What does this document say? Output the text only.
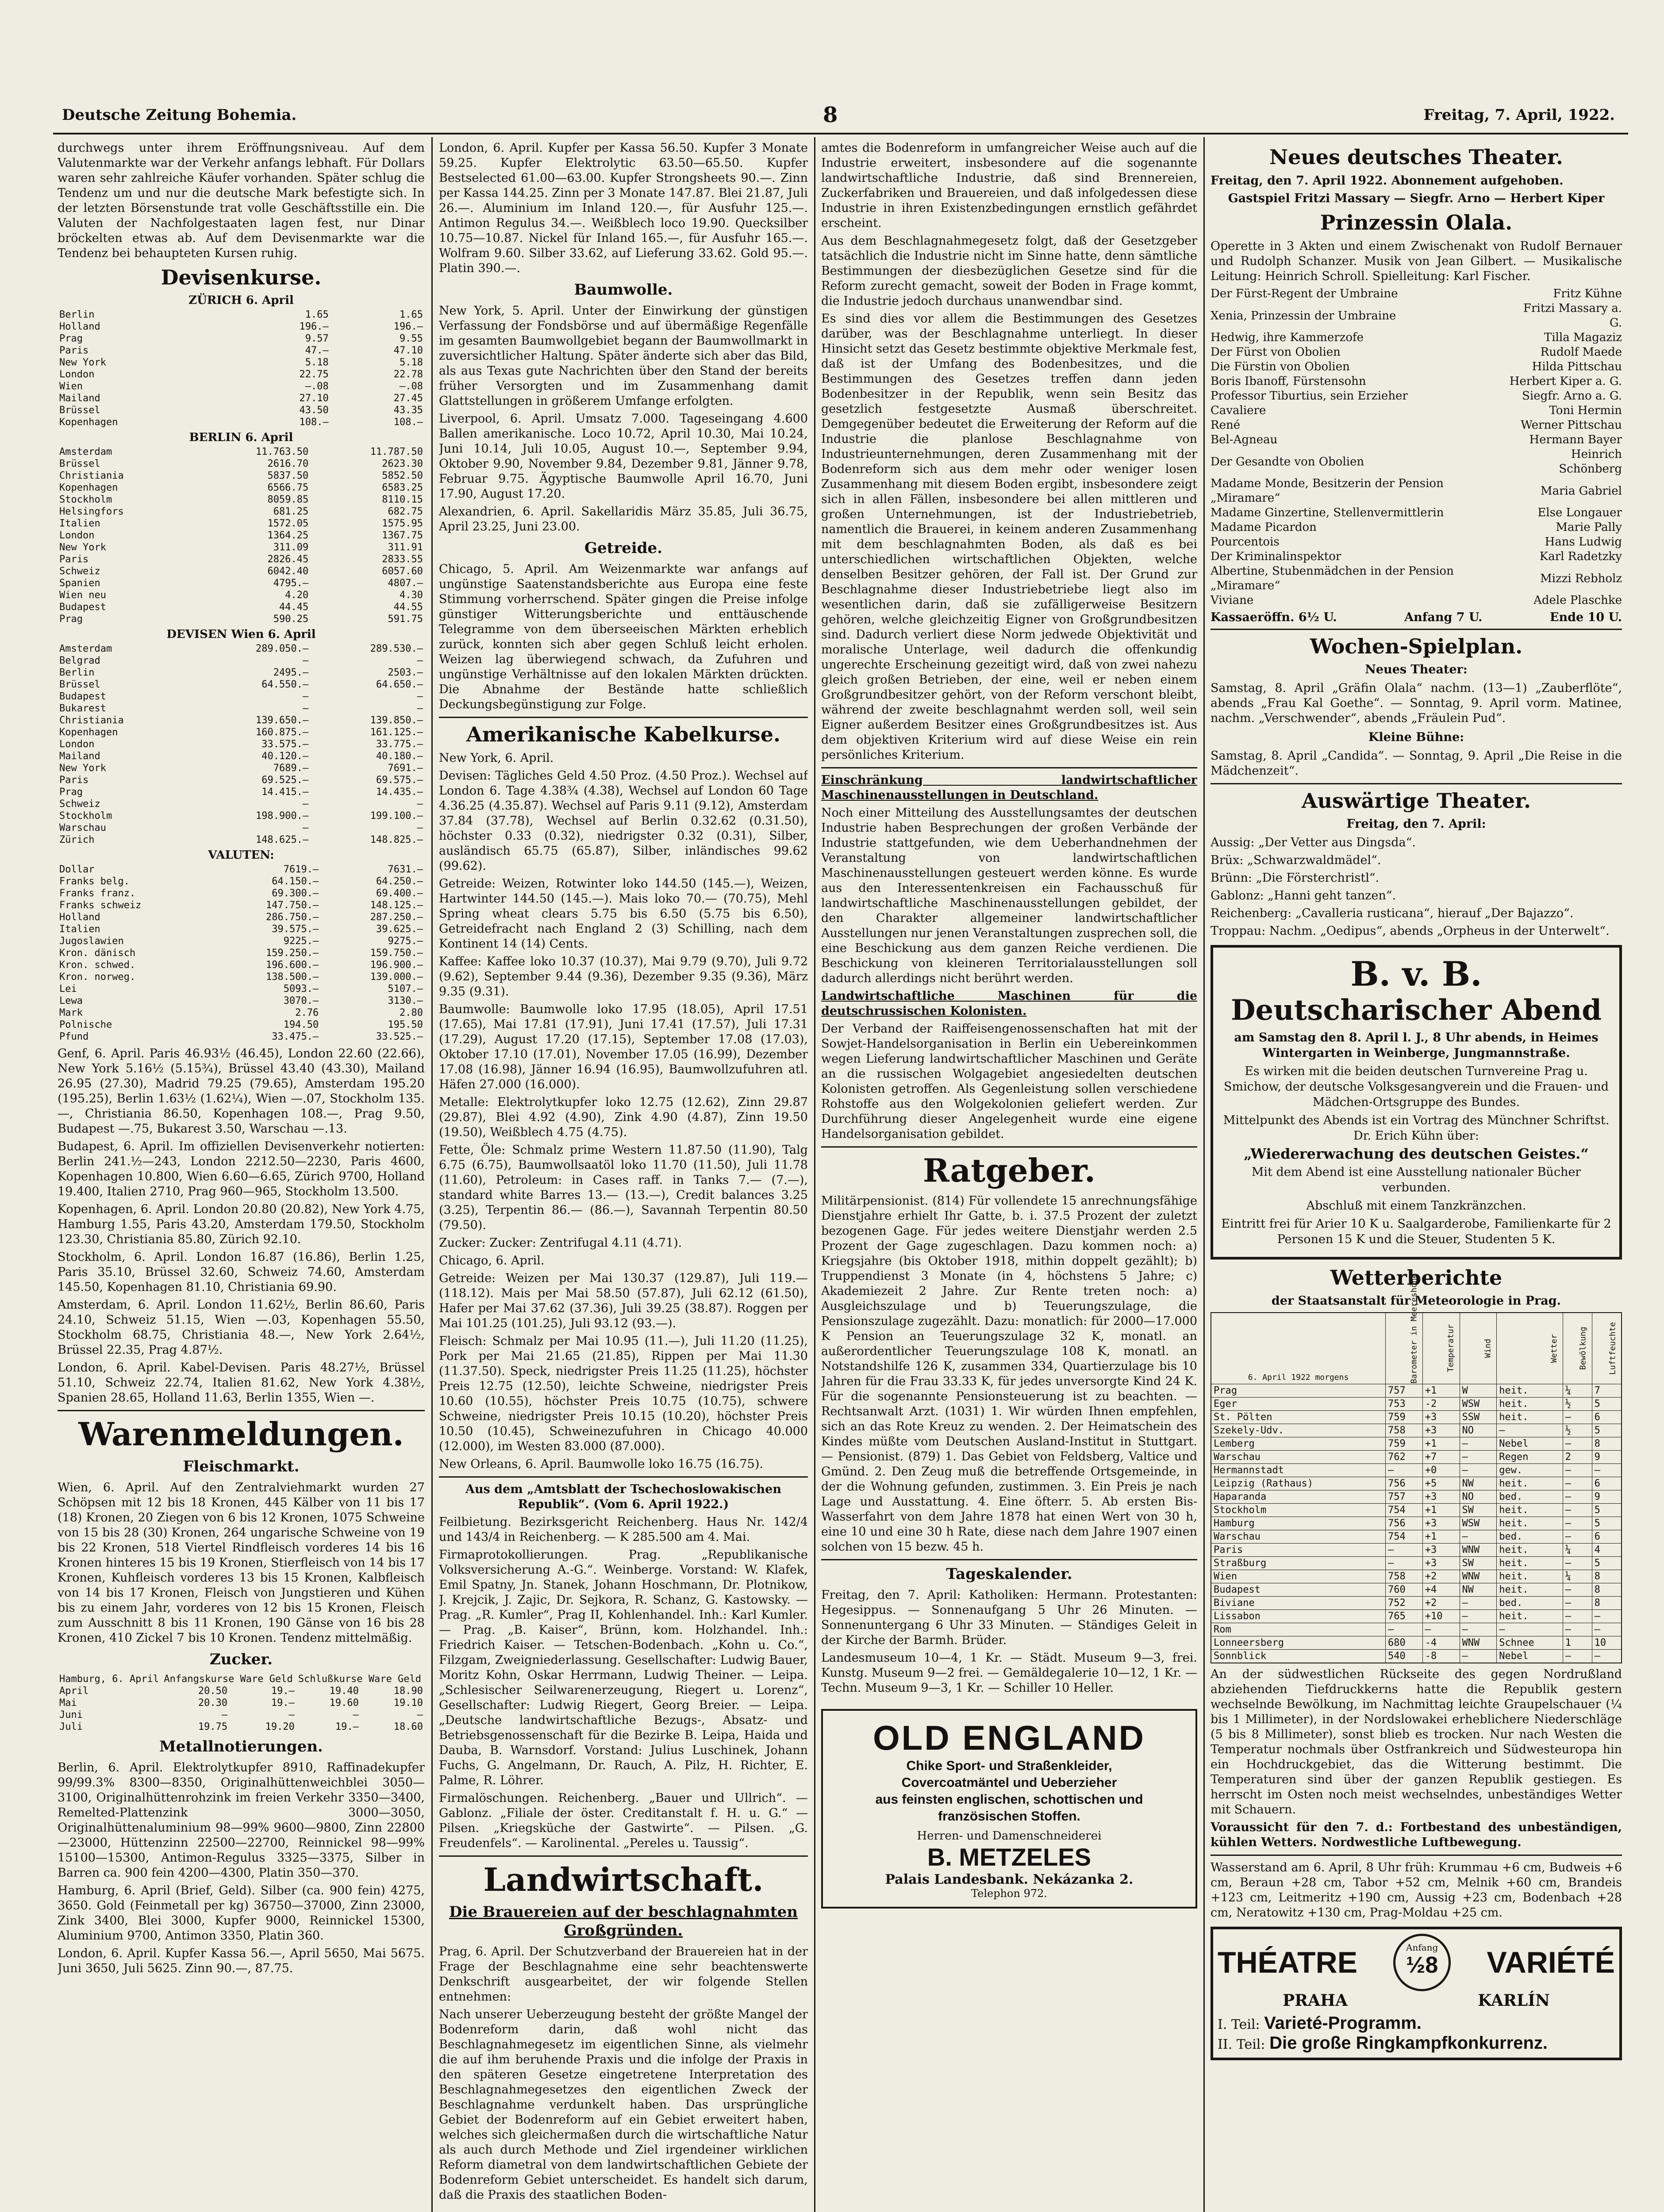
Deutsche Zeitung Bohemia.	8	Freitag, 7. April, 1922.

durchwegs unter ihrem Eröffnungsniveau. Auf dem Valutenmarkte war der Verkehr anfangs lebhaft. Für Dollars waren sehr zahlreiche Käufer vorhanden. Später schlug die Tendenz um und nur die deutsche Mark befestigte sich. In der letzten Börsenstunde trat volle Geschäftsstille ein. Die Valuten der Nachfolgestaaten lagen fest, nur Dinar bröckelten etwas ab. Auf dem Devisenmarkte war die Tendenz bei behaupteten Kursen ruhig.

Devisenkurse.
ZÜRICH 6. April
Berlin	1.65	1.65
Holland	196.—	196.—
Prag	9.57	9.55
Paris	47.—	47.10
New York	5.18	5.18
London	22.75	22.78
Wien	—.08	—.08
Mailand	27.10	27.45
Brüssel	43.50	43.35
Kopenhagen	108.—	108.—
BERLIN 6. April
Amsterdam	11.763.50	11.787.50
Brüssel	2616.70	2623.30
Christiania	5837.50	5852.50
Kopenhagen	6566.75	6583.25
Stockholm	8059.85	8110.15
Helsingfors	681.25	682.75
Italien	1572.05	1575.95
London	1364.25	1367.75
New York	311.09	311.91
Paris	2826.45	2833.55
Schweiz	6042.40	6057.60
Spanien	4795.—	4807.—
Wien neu	4.20	4.30
Budapest	44.45	44.55
Prag	590.25	591.75
DEVISEN Wien 6. April
Amsterdam	289.050.—	289.530.—
Belgrad	—	—
Berlin	2495.—	2503.—
Brüssel	64.550.—	64.650.—
Budapest	—	—
Bukarest	—	—
Christiania	139.650.—	139.850.—
Kopenhagen	160.875.—	161.125.—
London	33.575.—	33.775.—
Mailand	40.120.—	40.180.—
New York	7689.—	7691.—
Paris	69.525.—	69.575.—
Prag	14.415.—	14.435.—
Schweiz	—	—
Stockholm	198.900.—	199.100.—
Warschau	—	—
Zürich	148.625.—	148.825.—
VALUTEN:
Dollar	7619.—	7631.—
Franks belg.	64.150.—	64.250.—
Franks franz.	69.300.—	69.400.—
Franks schweiz	147.750.—	148.125.—
Holland	286.750.—	287.250.—
Italien	39.575.—	39.625.—
Jugoslawien	9225.—	9275.—
Kron. dänisch	159.250.—	159.750.—
Kron. schwed.	196.600.—	196.900.—
Kron. norweg.	138.500.—	139.000.—
Lei	5093.—	5107.—
Lewa	3070.—	3130.—
Mark	2.76	2.80
Polnische	194.50	195.50
Pfund	33.475.—	33.525.—

Genf, 6. April. Paris 46.93½ (46.45), London 22.60 (22.66), New York 5.16½ (5.15¾), Brüssel 43.40 (43.30), Mailand 26.95 (27.30), Madrid 79.25 (79.65), Amsterdam 195.20 (195.25), Berlin 1.63½ (1.62¼), Wien —.07, Stockholm 135.—, Christiania 86.50, Kopenhagen 108.—, Prag 9.50, Budapest —.75, Bukarest 3.50, Warschau —.13.

Budapest, 6. April. Im offiziellen Devisenverkehr notierten: Berlin 241.½—243, London 2212.50—2230, Paris 4600, Kopenhagen 10.800, Wien 6.60—6.65, Zürich 9700, Holland 19.400, Italien 2710, Prag 960—965, Stockholm 13.500.

Kopenhagen, 6. April. London 20.80 (20.82), New York 4.75, Hamburg 1.55, Paris 43.20, Amsterdam 179.50, Stockholm 123.30, Christiania 85.80, Zürich 92.10.

Stockholm, 6. April. London 16.87 (16.86), Berlin 1.25, Paris 35.10, Brüssel 32.60, Schweiz 74.60, Amsterdam 145.50, Kopenhagen 81.10, Christiania 69.90.

Amsterdam, 6. April. London 11.62½, Berlin 86.60, Paris 24.10, Schweiz 51.15, Wien —.03, Kopenhagen 55.50, Stockholm 68.75, Christiania 48.—, New York 2.64½, Brüssel 22.35, Prag 4.87½.

London, 6. April. Kabel-Devisen. Paris 48.27½, Brüssel 51.10, Schweiz 22.74, Italien 81.62, New York 4.38½, Spanien 28.65, Holland 11.63, Berlin 1355, Wien —.

Warenmeldungen.
Fleischmarkt.

Wien, 6. April. Auf den Zentralviehmarkt wurden 27 Schöpsen mit 12 bis 18 Kronen, 445 Kälber von 11 bis 17 (18) Kronen, 20 Ziegen von 6 bis 12 Kronen, 1075 Schweine von 15 bis 28 (30) Kronen, 264 ungarische Schweine von 19 bis 22 Kronen, 518 Viertel Rindfleisch vorderes 14 bis 16 Kronen hinteres 15 bis 19 Kronen, Stierfleisch von 14 bis 17 Kronen, Kuhfleisch vorderes 13 bis 15 Kronen, Kalbfleisch von 14 bis 17 Kronen, Fleisch von Jungstieren und Kühen bis zu einem Jahr, vorderes von 12 bis 15 Kronen, Fleisch zum Ausschnitt 8 bis 11 Kronen, 190 Gänse von 16 bis 28 Kronen, 410 Zickel 7 bis 10 Kronen. Tendenz mittelmäßig.

Zucker.
Hamburg, 6. April	Anfangskurse Ware Geld		Schlußkurse Ware Geld	
April	20.50	19.—	19.40	18.90
Mai	20.30	19.—	19.60	19.10
Juni	—	—	—	—
Juli	19.75	19.20	19.—	18.60
Metallnotierungen.

Berlin, 6. April. Elektrolytkupfer 8910, Raffinadekupfer 99/99.3% 8300—8350, Originalhüttenweichblei 3050—3100, Originalhüttenrohzink im freien Verkehr 3350—3400, Remelted-Plattenzink 3000—3050, Originalhüttenaluminium 98—99% 9600—9800, Zinn 22800—23000, Hüttenzinn 22500—22700, Reinnickel 98—99% 15100—15300, Antimon-Regulus 3325—3375, Silber in Barren ca. 900 fein 4200—4300, Platin 350—370.

Hamburg, 6. April (Brief, Geld). Silber (ca. 900 fein) 4275, 3650. Gold (Feinmetall per kg) 36750—37000, Zinn 23000, Zink 3400, Blei 3000, Kupfer 9000, Reinnickel 15300, Aluminium 9700, Antimon 3350, Platin 360.

London, 6. April. Kupfer Kassa 56.—, April 5650, Mai 5675. Juni 3650, Juli 5625. Zinn 90.—, 87.75.

London, 6. April. Kupfer per Kassa 56.50. Kupfer 3 Monate 59.25. Kupfer Elektrolytic 63.50—65.50. Kupfer Bestselected 61.00—63.00. Kupfer Strongsheets 90.—. Zinn per Kassa 144.25. Zinn per 3 Monate 147.87. Blei 21.87, Juli 26.—. Aluminium im Inland 120.—, für Ausfuhr 125.—. Antimon Regulus 34.—. Weißblech loco 19.90. Quecksilber 10.75—10.87. Nickel für Inland 165.—, für Ausfuhr 165.—. Wolfram 9.60. Silber 33.62, auf Lieferung 33.62. Gold 95.—. Platin 390.—.

Baumwolle.

New York, 5. April. Unter der Einwirkung der günstigen Verfassung der Fondsbörse und auf übermäßige Regenfälle im gesamten Baumwollgebiet begann der Baumwollmarkt in zuversichtlicher Haltung. Später änderte sich aber das Bild, als aus Texas gute Nachrichten über den Stand der bereits früher Versorgten und im Zusammenhang damit Glattstellungen in größerem Umfange erfolgten.

Liverpool, 6. April. Umsatz 7.000. Tageseingang 4.600 Ballen amerikanische. Loco 10.72, April 10.30, Mai 10.24, Juni 10.14, Juli 10.05, August 10.—, September 9.94, Oktober 9.90, November 9.84, Dezember 9.81, Jänner 9.78, Februar 9.75. Ägyptische Baumwolle April 16.70, Juni 17.90, August 17.20.

Alexandrien, 6. April. Sakellaridis März 35.85, Juli 36.75, April 23.25, Juni 23.00.

Getreide.

Chicago, 5. April. Am Weizenmarkte war anfangs auf ungünstige Saatenstandsberichte aus Europa eine feste Stimmung vorherrschend. Später gingen die Preise infolge günstiger Witterungsberichte und enttäuschende Telegramme von dem überseeischen Märkten erheblich zurück, konnten sich aber gegen Schluß leicht erholen. Weizen lag überwiegend schwach, da Zufuhren und ungünstige Verhältnisse auf den lokalen Märkten drückten. Die Abnahme der Bestände hatte schließlich Deckungsbegünstigung zur Folge.

Amerikanische Kabelkurse.

New York, 6. April.

Devisen: Tägliches Geld 4.50 Proz. (4.50 Proz.). Wechsel auf London 6. Tage 4.38¾ (4.38), Wechsel auf London 60 Tage 4.36.25 (4.35.87). Wechsel auf Paris 9.11 (9.12), Amsterdam 37.84 (37.78), Wechsel auf Berlin 0.32.62 (0.31.50), höchster 0.33 (0.32), niedrigster 0.32 (0.31), Silber, ausländisch 65.75 (65.87), Silber, inländisches 99.62 (99.62).

Getreide: Weizen, Rotwinter loko 144.50 (145.—), Weizen, Hartwinter 144.50 (145.—). Mais loko 70.— (70.75), Mehl Spring wheat clears 5.75 bis 6.50 (5.75 bis 6.50), Getreidefracht nach England 2 (3) Schilling, nach dem Kontinent 14 (14) Cents.

Kaffee: Kaffee loko 10.37 (10.37), Mai 9.79 (9.70), Juli 9.72 (9.62), September 9.44 (9.36), Dezember 9.35 (9.36), März 9.35 (9.31).

Baumwolle: Baumwolle loko 17.95 (18.05), April 17.51 (17.65), Mai 17.81 (17.91), Juni 17.41 (17.57), Juli 17.31 (17.29), August 17.20 (17.15), September 17.08 (17.03), Oktober 17.10 (17.01), November 17.05 (16.99), Dezember 17.08 (16.98), Jänner 16.94 (16.95), Baumwollzufuhren atl. Häfen 27.000 (16.000).

Metalle: Elektrolytkupfer loko 12.75 (12.62), Zinn 29.87 (29.87), Blei 4.92 (4.90), Zink 4.90 (4.87), Zinn 19.50 (19.50), Weißblech 4.75 (4.75).

Fette, Öle: Schmalz prime Western 11.87.50 (11.90), Talg 6.75 (6.75), Baumwollsaatöl loko 11.70 (11.50), Juli 11.78 (11.60), Petroleum: in Cases raff. in Tanks 7.— (7.—), standard white Barres 13.— (13.—), Credit balances 3.25 (3.25), Terpentin 86.— (86.—), Savannah Terpentin 80.50 (79.50).

Zucker: Zucker: Zentrifugal 4.11 (4.71).

Chicago, 6. April.

Getreide: Weizen per Mai 130.37 (129.87), Juli 119.— (118.12). Mais per Mai 58.50 (57.87), Juli 62.12 (61.50), Hafer per Mai 37.62 (37.36), Juli 39.25 (38.87). Roggen per Mai 101.25 (101.25), Juli 93.12 (93.—).

Fleisch: Schmalz per Mai 10.95 (11.—), Juli 11.20 (11.25), Pork per Mai 21.65 (21.85), Rippen per Mai 11.30 (11.37.50). Speck, niedrigster Preis 11.25 (11.25), höchster Preis 12.75 (12.50), leichte Schweine, niedrigster Preis 10.60 (10.55), höchster Preis 10.75 (10.75), schwere Schweine, niedrigster Preis 10.15 (10.20), höchster Preis 10.50 (10.45), Schweinezufuhren in Chicago 40.000 (12.000), im Westen 83.000 (87.000).

New Orleans, 6. April. Baumwolle loko 16.75 (16.75).

Aus dem „Amtsblatt der Tschechoslowakischen Republik“. (Vom 6. April 1922.)

Feilbietung. Bezirksgericht Reichenberg. Haus Nr. 142/4 und 143/4 in Reichenberg. — K 285.500 am 4. Mai.

Firmaprotokollierungen. Prag. „Republikanische Volksversicherung A.-G.“. Weinberge. Vorstand: W. Klafek, Emil Spatny, Jn. Stanek, Johann Hoschmann, Dr. Plotnikow, J. Krejcik, J. Zajic, Dr. Sejkora, R. Schanz, G. Kastowsky. — Prag. „R. Kumler“, Prag II, Kohlenhandel. Inh.: Karl Kumler. — Prag. „B. Kaiser“, Brünn, kom. Holzhandel. Inh.: Friedrich Kaiser. — Tetschen-Bodenbach. „Kohn u. Co.“, Filzgam, Zweigniederlassung. Gesellschafter: Ludwig Bauer, Moritz Kohn, Oskar Herrmann, Ludwig Theiner. — Leipa. „Schlesischer Seilwarenerzeugung, Riegert u. Lorenz“, Gesellschafter: Ludwig Riegert, Georg Breier. — Leipa. „Deutsche landwirtschaftliche Bezugs-, Absatz- und Betriebsgenossenschaft für die Bezirke B. Leipa, Haida und Dauba, B. Warnsdorf. Vorstand: Julius Luschinek, Johann Fuchs, G. Angelmann, Dr. Rauch, A. Pilz, H. Richter, E. Palme, R. Löhrer.

Firmalöschungen. Reichenberg. „Bauer und Ullrich“. — Gablonz. „Filiale der öster. Creditanstalt f. H. u. G.“ — Pilsen. „Kriegsküche der Gastwirte“. — Pilsen. „G. Freudenfels“. — Karolinental. „Pereles u. Taussig“.

Landwirtschaft.
Die Brauereien auf der beschlagnahmten Großgründen.

Prag, 6. April. Der Schutzverband der Brauereien hat in der Frage der Beschlagnahme eine sehr beachtenswerte Denkschrift ausgearbeitet, der wir folgende Stellen entnehmen:

Nach unserer Ueberzeugung besteht der größte Mangel der Bodenreform darin, daß wohl nicht das Beschlagnahmegesetz im eigentlichen Sinne, als vielmehr die auf ihm beruhende Praxis und die infolge der Praxis in den späteren Gesetze eingetretene Interpretation des Beschlagnahmegesetzes den eigentlichen Zweck der Beschlagnahme verdunkelt haben. Das ursprüngliche Gebiet der Bodenreform auf ein Gebiet erweitert haben, welches sich gleichermaßen durch die wirtschaftliche Natur als auch durch Methode und Ziel irgendeiner wirklichen Reform diametral von dem landwirtschaftlichen Gebiete der Bodenreform Gebiet unterscheidet. Es handelt sich darum, daß die Praxis des staatlichen Boden-

amtes die Bodenreform in umfangreicher Weise auch auf die Industrie erweitert, insbesondere auf die sogenannte landwirtschaftliche Industrie, daß sind Brennereien, Zuckerfabriken und Brauereien, und daß infolgedessen diese Industrie in ihren Existenzbedingungen ernstlich gefährdet erscheint.

Aus dem Beschlagnahmegesetz folgt, daß der Gesetzgeber tatsächlich die Industrie nicht im Sinne hatte, denn sämtliche Bestimmungen der diesbezüglichen Gesetze sind für die Reform zurecht gemacht, soweit der Boden in Frage kommt, die Industrie jedoch durchaus unanwendbar sind.

Es sind dies vor allem die Bestimmungen des Gesetzes darüber, was der Beschlagnahme unterliegt. In dieser Hinsicht setzt das Gesetz bestimmte objektive Merkmale fest, daß ist der Umfang des Bodenbesitzes, und die Bestimmungen des Gesetzes treffen dann jeden Bodenbesitzer in der Republik, wenn sein Besitz das gesetzlich festgesetzte Ausmaß überschreitet. Demgegenüber bedeutet die Erweiterung der Reform auf die Industrie die planlose Beschlagnahme von Industrieunternehmungen, deren Zusammenhang mit der Bodenreform sich aus dem mehr oder weniger losen Zusammenhang mit diesem Boden ergibt, insbesondere zeigt sich in allen Fällen, insbesondere bei allen mittleren und großen Unternehmungen, ist der Industriebetrieb, namentlich die Brauerei, in keinem anderen Zusammenhang mit dem beschlagnahmten Boden, als daß es bei unterschiedlichen wirtschaftlichen Objekten, welche denselben Besitzer gehören, der Fall ist. Der Grund zur Beschlagnahme dieser Industriebetriebe liegt also im wesentlichen darin, daß sie zufälligerweise Besitzern gehören, welche gleichzeitig Eigner von Großgrundbesitzen sind. Dadurch verliert diese Norm jedwede Objektivität und moralische Unterlage, weil dadurch die offenkundig ungerechte Erscheinung gezeitigt wird, daß von zwei nahezu gleich großen Betrieben, der eine, weil er neben einem Großgrundbesitzer gehört, von der Reform verschont bleibt, während der zweite beschlagnahmt werden soll, weil sein Eigner außerdem Besitzer eines Großgrundbesitzes ist. Aus dem objektiven Kriterium wird auf diese Weise ein rein persönliches Kriterium.

Einschränkung landwirtschaftlicher Maschinenausstellungen in Deutschland.

Noch einer Mitteilung des Ausstellungsamtes der deutschen Industrie haben Besprechungen der großen Verbände der Industrie stattgefunden, wie dem Ueberhandnehmen der Veranstaltung von landwirtschaftlichen Maschinenausstellungen gesteuert werden könne. Es wurde aus den Interessentenkreisen ein Fachausschuß für landwirtschaftliche Maschinenausstellungen gebildet, der den Charakter allgemeiner landwirtschaftlicher Ausstellungen nur jenen Veranstaltungen zusprechen soll, die eine Beschickung aus dem ganzen Reiche verdienen. Die Beschickung von kleineren Territorialausstellungen soll dadurch allerdings nicht berührt werden.

Landwirtschaftliche Maschinen für die deutschrussischen Kolonisten.

Der Verband der Raiffeisengenossenschaften hat mit der Sowjet-Handelsorganisation in Berlin ein Uebereinkommen wegen Lieferung landwirtschaftlicher Maschinen und Geräte an die russischen Wolgagebiet angesiedelten deutschen Kolonisten getroffen. Als Gegenleistung sollen verschiedene Rohstoffe aus den Wolgekolonien geliefert werden. Zur Durchführung dieser Angelegenheit wurde eine eigene Handelsorganisation gebildet.

Ratgeber.

Militärpensionist. (814) Für vollendete 15 anrechnungsfähige Dienstjahre erhielt Ihr Gatte, b. i. 37.5 Prozent der zuletzt bezogenen Gage. Für jedes weitere Dienstjahr werden 2.5 Prozent der Gage zugeschlagen. Dazu kommen noch: a) Kriegsjahre (bis Oktober 1918, mithin doppelt gezählt); b) Truppendienst 3 Monate (in 4, höchstens 5 Jahre; c) Akademiezeit 2 Jahre. Zur Rente treten noch: a) Ausgleichszulage und b) Teuerungszulage, die Pensionszulage zugezählt. Dazu: monatlich: für 2000—17.000 K Pension an Teuerungszulage 32 K, monatl. an außerordentlicher Teuerungszulage 108 K, monatl. an Notstandshilfe 126 K, zusammen 334, Quartierzulage bis 10 Jahren für die Frau 33.33 K, für jedes unversorgte Kind 24 K. Für die sogenannte Pensionsteuerung ist zu beachten. — Rechtsanwalt Arzt. (1031) 1. Wir würden Ihnen empfehlen, sich an das Rote Kreuz zu wenden. 2. Der Heimatschein des Kindes müßte vom Deutschen Ausland-Institut in Stuttgart. — Pensionist. (879) 1. Das Gebiet von Feldsberg, Valtice und Gmünd. 2. Den Zeug muß die betreffende Ortsgemeinde, in der die Wohnung gefunden, zustimmen. 3. Ein Preis je nach Lage und Ausstattung. 4. Eine öfterr. 5. Ab ersten Bis-Wasserfahrt von dem Jahre 1878 hat einen Wert von 30 h, eine 10 und eine 30 h Rate, diese nach dem Jahre 1907 einen solchen von 15 bezw. 45 h.

Tageskalender.

Freitag, den 7. April: Katholiken: Hermann. Protestanten: Hegesippus. — Sonnenaufgang 5 Uhr 26 Minuten. — Sonnenuntergang 6 Uhr 33 Minuten. — Ständiges Geleit in der Kirche der Barmh. Brüder.

Landesmuseum 10—4, 1 Kr. — Städt. Museum 9—3, frei. Kunstg. Museum 9—2 frei. — Gemäldegalerie 10—12, 1 Kr. — Techn. Museum 9—3, 1 Kr. — Schiller 10 Heller.

OLD ENGLAND
Chike Sport- und Straßenkleider,
Covercoatmäntel und Ueberzieher
aus feinsten englischen, schottischen und französischen Stoffen.
Herren- und Damenschneiderei
B. METZELES
Palais Landesbank. Nekázanka 2.
Telephon 972.
Neues deutsches Theater.

Freitag, den 7. April 1922. Abonnement aufgehoben.

Gastspiel Fritzi Massary — Siegfr. Arno — Herbert Kiper

Prinzessin Olala.

Operette in 3 Akten und einem Zwischenakt von Rudolf Bernauer und Rudolph Schanzer. Musik von Jean Gilbert. — Musikalische Leitung: Heinrich Schroll. Spielleitung: Karl Fischer.

Der Fürst-Regent der Umbraine	Fritz Kühne
Xenia, Prinzessin der Umbraine	Fritzi Massary a. G.
Hedwig, ihre Kammerzofe	Tilla Magaziz
Der Fürst von Obolien	Rudolf Maede
Die Fürstin von Obolien	Hilda Pittschau
Boris Ibanoff, Fürstensohn	Herbert Kiper a. G.
Professor Tiburtius, sein Erzieher	Siegfr. Arno a. G.
Cavaliere	Toni Hermin
René	Werner Pittschau
Bel-Agneau	Hermann Bayer
Der Gesandte von Obolien	Heinrich Schönberg
Madame Monde, Besitzerin der Pension „Miramare“	Maria Gabriel
Madame Ginzertine, Stellenvermittlerin	Else Longauer
Madame Picardon	Marie Pally
Pourcentois	Hans Ludwig
Der Kriminalinspektor	Karl Radetzky
Albertine, Stubenmädchen in der Pension „Miramare“	Mizzi Rebholz
Viviane	Adele Plaschke
Kassaeröffn. 6½ U.	Anfang 7 U.	Ende 10 U.
Wochen-Spielplan.
Neues Theater:

Samstag, 8. April „Gräfin Olala“ nachm. (13—1) „Zauberflöte“, abends „Frau Kal Goethe“. — Sonntag, 9. April vorm. Matinee, nachm. „Verschwender“, abends „Fräulein Pud“.

Kleine Bühne:

Samstag, 8. April „Candida“. — Sonntag, 9. April „Die Reise in die Mädchenzeit“.

Auswärtige Theater.
Freitag, den 7. April:

Aussig: „Der Vetter aus Dingsda“.

Brüx: „Schwarzwaldmädel“.

Brünn: „Die Försterchristl“.

Gablonz: „Hanni geht tanzen“.

Reichenberg: „Cavalleria rusticana“, hierauf „Der Bajazzo“.

Troppau: Nachm. „Oedipus“, abends „Orpheus in der Unterwelt“.

B. v. B.
Deutscharischer Abend
am Samstag den 8. April l. J., 8 Uhr abends, in Heimes Wintergarten in Weinberge, Jungmannstraße.
Es wirken mit die beiden deutschen Turnvereine Prag u. Smichow, der deutsche Volksgesangverein und die Frauen- und Mädchen-Ortsgruppe des Bundes.
Mittelpunkt des Abends ist ein Vortrag des Münchner Schriftst. Dr. Erich Kühn über:
„Wiedererwachung des deutschen Geistes.“
Mit dem Abend ist eine Ausstellung nationaler Bücher verbunden.
Abschluß mit einem Tanzkränzchen.
Eintritt frei für Arier 10 K u. Saalgarderobe, Familienkarte für 2 Personen 15 K und die Steuer, Studenten 5 K.
Wetterberichte
der Staatsanstalt für Meteorologie in Prag.
6. April 1922 morgens	Barometer in Meereshöhe	Temperatur	Wind	Wetter	Bewölkung	Luftfeuchte
Prag	757	+1	W	heit.	¼	7
Eger	753	-2	WSW	heit.	½	5
St. Pölten	759	+3	SSW	heit.	—	6
Szekely-Udv.	758	+3	NO	—	½	5
Lemberg	759	+1	—	Nebel	—	8
Warschau	762	+7	—	Regen	2	9
Hermannstadt	—	+0	—	gew.	—	—
Leipzig (Rathaus)	756	+5	NW	heit.	—	6
Haparanda	757	+3	NO	bed.	—	9
Stockholm	754	+1	SW	heit.	—	5
Hamburg	756	+3	WSW	heit.	—	5
Warschau	754	+1	—	bed.	—	6
Paris	—	+3	WNW	heit.	¼	4
Straßburg	—	+3	SW	heit.	—	5
Wien	758	+2	WNW	heit.	¼	8
Budapest	760	+4	NW	heit.	—	8
Biviane	752	+2	—	bed.	—	8
Lissabon	765	+10	—	heit.	—	—
Rom	—	—	—	—	—	—
Lonneersberg	680	-4	WNW	Schnee	1	10
Sonnblick	540	-8	—	Nebel	—	—

An der südwestlichen Rückseite des gegen Nordrußland abziehenden Tiefdruckkerns hatte die Republik gestern wechselnde Bewölkung, im Nachmittag leichte Graupelschauer (¼ bis 1 Millimeter), in der Nordslowakei erheblichere Niederschläge (5 bis 8 Millimeter), sonst blieb es trocken. Nur nach Westen die Temperatur nochmals über Ostfrankreich und Südwesteuropa hin ein Hochdruckgebiet, das die Witterung bestimmt. Die Temperaturen sind über der ganzen Republik gestiegen. Es herrscht im Osten noch meist wechselndes, unbeständiges Wetter mit Schauern.

Voraussicht für den 7. d.: Fortbestand des unbeständigen, kühlen Wetters. Nordwestliche Luftbewegung.

Wasserstand am 6. April, 8 Uhr früh: Krummau +6 cm, Budweis +6 cm, Beraun +28 cm, Tabor +52 cm, Melnik +60 cm, Brandeis +123 cm, Leitmeritz +190 cm, Aussig +23 cm, Bodenbach +28 cm, Neratowitz +130 cm, Prag-Moldau +25 cm.

THÉATRE	Anfang
½8	VARIÉTÉ
PRAHA	KARLÍN
I. Teil: Varieté-Programm.
II. Teil: Die große Ringkampfkonkurrenz.
